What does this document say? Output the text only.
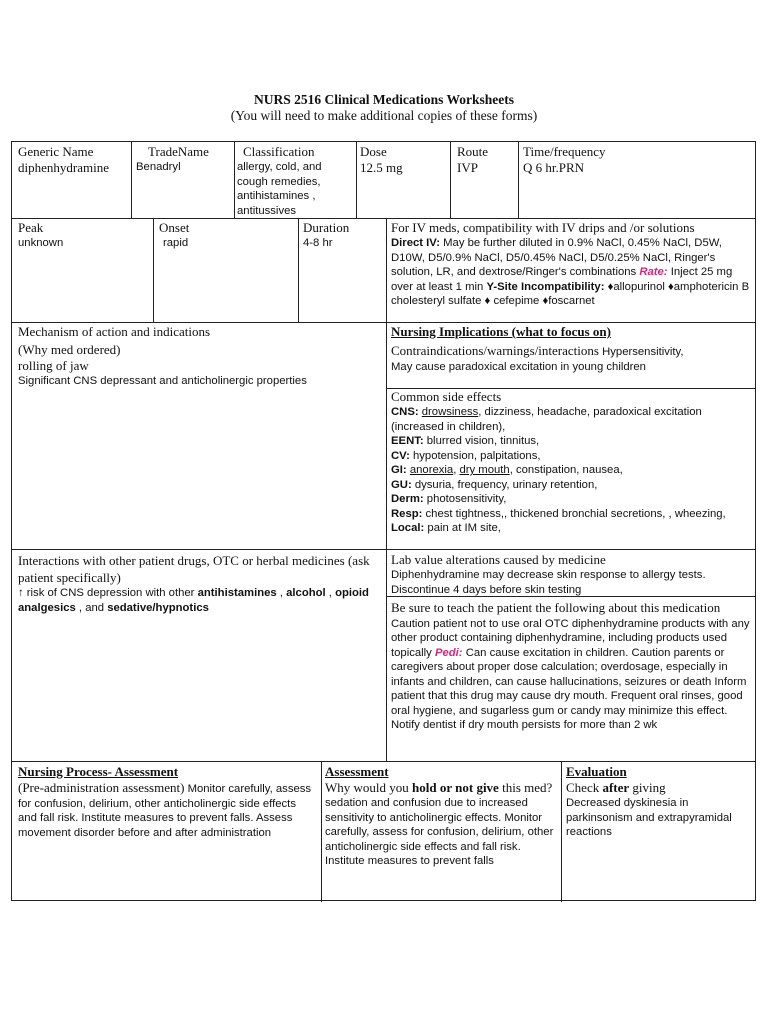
NURS 2516 Clinical Medications Worksheets
(You will need to make additional copies of these forms)
Generic Name
diphenhydramine
TradeName
Benadryl
Classification
allergy, cold, and cough remedies, antihistamines , antitussives
Dose
12.5 mg
Route
IVP
Time/frequency
Q 6 hr.PRN
Peak
unknown
Onset
rapid
Duration
4-8 hr
For IV meds, compatibility with IV drips and /or solutions
Direct IV: May be further diluted in 0.9% NaCl, 0.45% NaCl, D5W, D10W, D5/0.9% NaCl, D5/0.45% NaCl, D5/0.25% NaCl, Ringer's solution, LR, and dextrose/Ringer's combinations Rate: Inject 25 mg over at least 1 min Y-Site Incompatibility: ♦allopurinol ♦amphotericin B cholesteryl sulfate ♦ cefepime ♦foscarnet
Mechanism of action and indications
(Why med ordered)
rolling of jaw
Significant CNS depressant and anticholinergic properties
Nursing Implications (what to focus on)
Contraindications/warnings/interactions Hypersensitivity,
May cause paradoxical excitation in young children
Common side effects
CNS: drowsiness, dizziness, headache, paradoxical excitation (increased in children),
EENT: blurred vision, tinnitus,
CV: hypotension, palpitations,
GI: anorexia, dry mouth, constipation, nausea,
GU: dysuria, frequency, urinary retention,
Derm: photosensitivity,
Resp: chest tightness,, thickened bronchial secretions, , wheezing,
Local: pain at IM site,
Interactions with other patient drugs, OTC or herbal medicines (ask patient specifically)
↑ risk of CNS depression with other antihistamines , alcohol , opioid analgesics , and sedative/hypnotics
Lab value alterations caused by medicine
Diphenhydramine may decrease skin response to allergy tests. Discontinue 4 days before skin testing
Be sure to teach the patient the following about this medication Caution patient not to use oral OTC diphenhydramine products with any other product containing diphenhydramine, including products used topically Pedi: Can cause excitation in children. Caution parents or caregivers about proper dose calculation; overdosage, especially in infants and children, can cause hallucinations, seizures or death Inform patient that this drug may cause dry mouth. Frequent oral rinses, good oral hygiene, and sugarless gum or candy may minimize this effect. Notify dentist if dry mouth persists for more than 2 wk
Nursing Process- Assessment
(Pre-administration assessment) Monitor carefully, assess for confusion, delirium, other anticholinergic side effects and fall risk. Institute measures to prevent falls. Assess movement disorder before and after administration
Assessment
Why would you hold or not give this med?
sedation and confusion due to increased sensitivity to anticholinergic effects. Monitor carefully, assess for confusion, delirium, other anticholinergic side effects and fall risk. Institute measures to prevent falls
Evaluation
Check after giving
Decreased dyskinesia in parkinsonism and extrapyramidal reactions
